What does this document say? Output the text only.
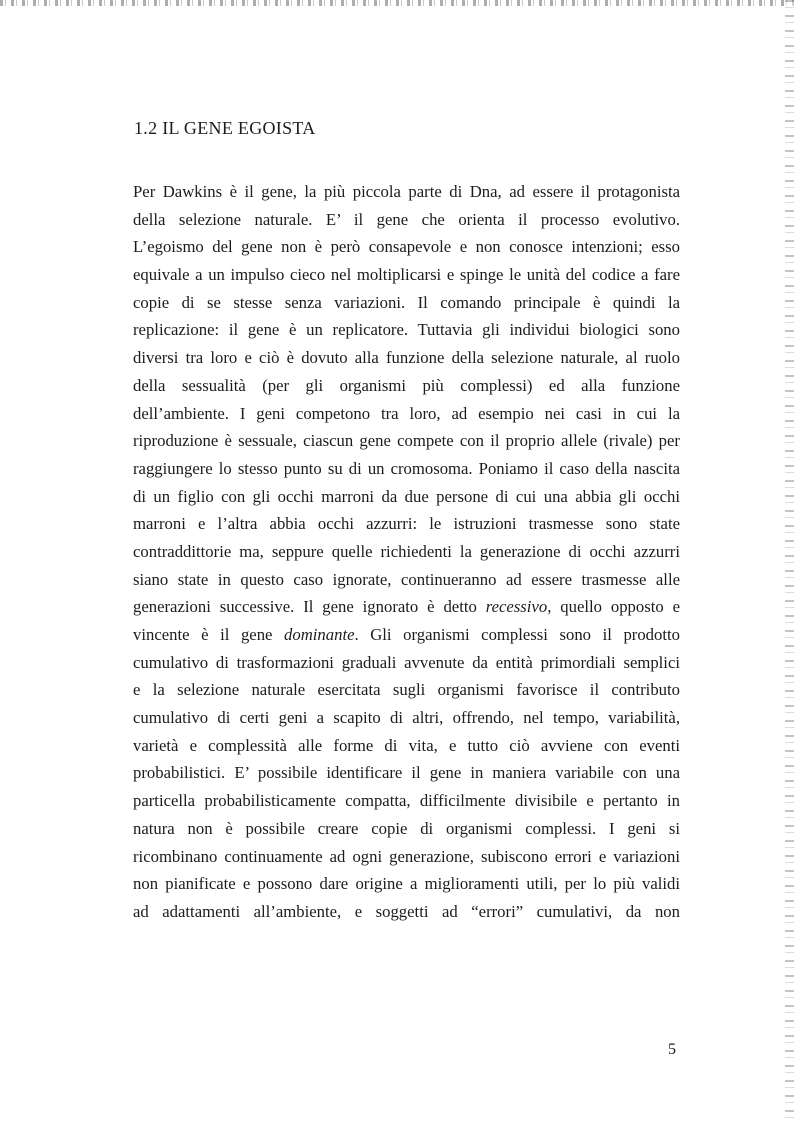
1.2 IL GENE EGOISTA
Per Dawkins è il gene, la più piccola parte di Dna, ad essere il protagonista
della selezione naturale. E’ il gene che orienta il processo evolutivo.
L’egoismo del gene non è però consapevole e non conosce intenzioni; esso
equivale a un impulso cieco nel moltiplicarsi e spinge le unità del codice a fare
copie di se stesse senza variazioni. Il comando principale è quindi la
replicazione: il gene è un replicatore. Tuttavia gli individui biologici sono
diversi tra loro e ciò è dovuto alla funzione della selezione naturale, al ruolo
della sessualità (per gli organismi più complessi) ed alla funzione
dell’ambiente. I geni competono tra loro, ad esempio nei casi in cui la
riproduzione è sessuale, ciascun gene compete con il proprio allele (rivale) per
raggiungere lo stesso punto su di un cromosoma. Poniamo il caso della nascita
di un figlio con gli occhi marroni da due persone di cui una abbia gli occhi
marroni e l’altra abbia occhi azzurri: le istruzioni trasmesse sono state
contraddittorie ma, seppure quelle richiedenti la generazione di occhi azzurri
siano state in questo caso ignorate, continueranno ad essere trasmesse alle
generazioni successive. Il gene ignorato è detto recessivo, quello opposto e
vincente è il gene dominante. Gli organismi complessi sono il prodotto
cumulativo di trasformazioni graduali avvenute da entità primordiali semplici
e la selezione naturale esercitata sugli organismi favorisce il contributo
cumulativo di certi geni a scapito di altri, offrendo, nel tempo, variabilità,
varietà e complessità alle forme di vita, e tutto ciò avviene con eventi
probabilistici. E’ possibile identificare il gene in maniera variabile con una
particella probabilisticamente compatta, difficilmente divisibile e pertanto in
natura non è possibile creare copie di organismi complessi. I geni si
ricombinano continuamente ad ogni generazione, subiscono errori e variazioni
non pianificate e possono dare origine a miglioramenti utili, per lo più validi
ad adattamenti all’ambiente, e soggetti ad “errori” cumulativi, da non
5
